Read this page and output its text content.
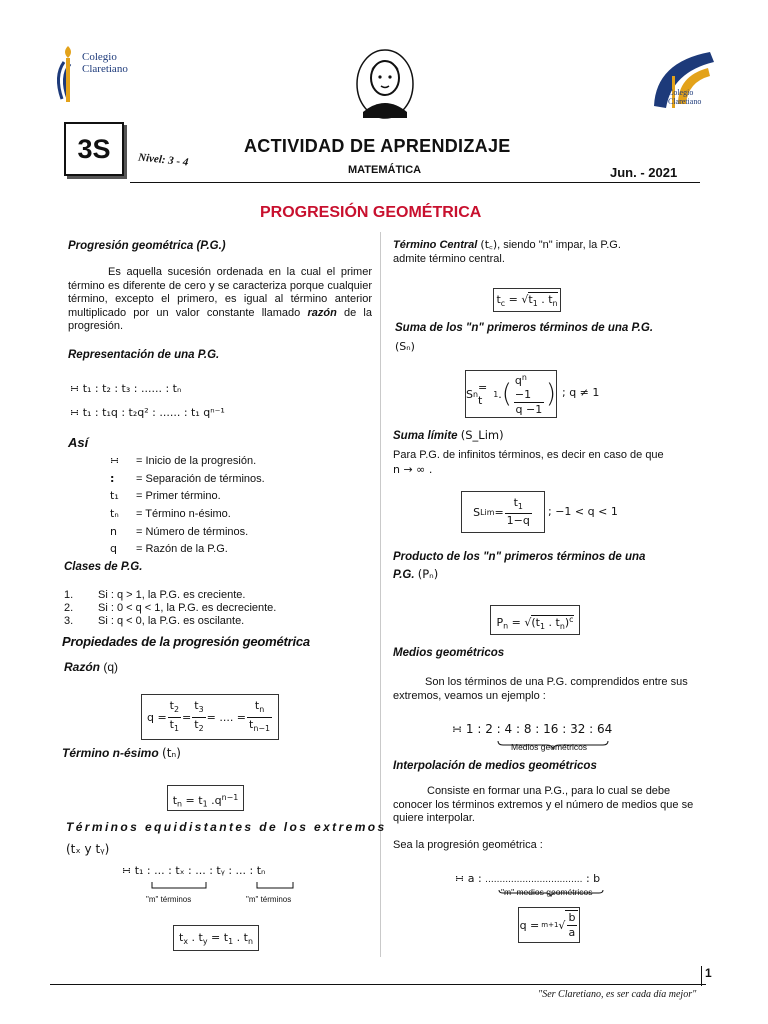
Colegio
Claretiano
Colegio
Claretiano
3S	Nivel: 3 - 4
ACTIVIDAD DE APRENDIZAJE
MATEMÁTICA	Jun. - 2021
PROGRESIÓN GEOMÉTRICA
Progresión geométrica (P.G.)
Es aquella sucesión ordenada en la cual el primer término es diferente de cero y se caracteriza porque cualquier término, excepto el primero, es igual al término anterior multiplicado por un valor constante llamado razón de la progresión.
Representación de una P.G.
∺ t₁ : t₂ : t₃ : ...... : tₙ
∺ t₁ : t₁q : t₂q² : ...... : t₁ qⁿ⁻¹
Así
∺ = Inicio de la progresión.
: = Separación de términos.
t₁ = Primer término.
tₙ = Término n-ésimo.
n = Número de términos.
q = Razón de la P.G.
Clases de P.G.
1. Si : q > 1, la P.G. es creciente.
2. Si : 0 < q < 1, la P.G. es decreciente.
3. Si : q < 0, la P.G. es oscilante.
Propiedades de la progresión geométrica
Razón (q)
$q = \frac{t_2}{t_1} = \frac{t_3}{t_2}$ = .... = $\frac{t_n}{t_{n-1}}$
Término n-ésimo (tₙ)
$t_n = t_1$ $.q^{n-1}$
Términos equidistantes de los extremos
(tₓ y tᵧ)
∺ t₁ : ... : tₓ : ... : tᵧ : ... : tₙ
"m" términos	"m" términos
$t_x$ . $t_y = t_1$ . $t_n$
Término Central (t꜀), siendo "n" impar, la P.G.
admite término central.
$t_c = √t_1$ . $t_n$
Suma de los "n" primeros términos de una P.G.
(Sₙ)
S n = t 1 . ( $\frac{q^n -1}{q -1}$ ) ; q ≠ 1
Suma límite (S_Lim)
Para P.G. de infinitos términos, es decir en caso de que
n → ∞ .
S Lim = $\frac{t_1}{1-q}$ ; −1 < q < 1
Producto de los "n" primeros términos de una
P.G. (Pₙ)
$P_n = √(t_1$ . $t_n)^c$
Medios geométricos
Son los términos de una P.G. comprendidos entre sus extremos, veamos un ejemplo :
∺ 1 : 2 : 4 : 8 : 16 : 32 : 64
Medios geométricos
Interpolación de medios geométricos
Consiste en formar una P.G., para lo cual se debe conocer los términos extremos y el número de medios que se quiere interpolar.
Sea la progresión geométrica :
∺ a : .................................. : b
"m" medios geométricos
q = m+1 √ $\frac{b}{a}$
1
"Ser Claretiano, es ser cada día mejor"
